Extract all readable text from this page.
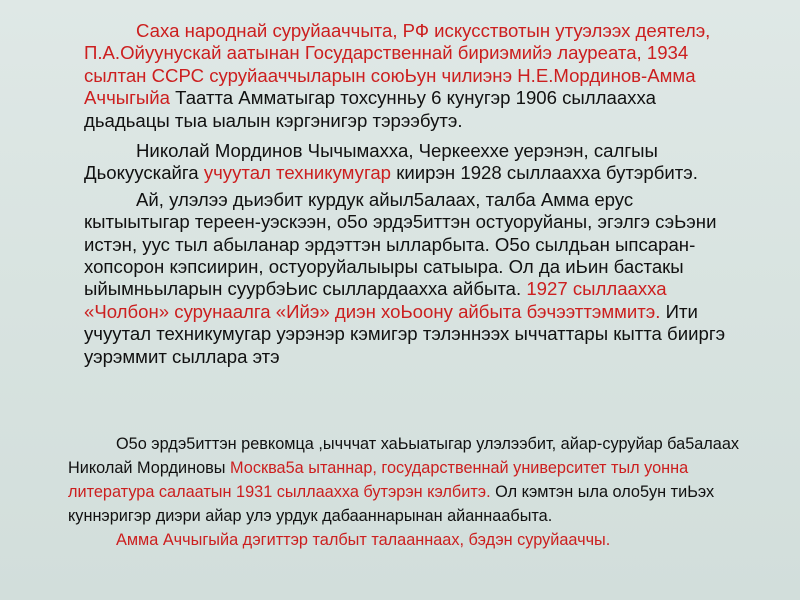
Саха народнай суруйааччыта, РФ искусствотын утуэлээх деятелэ, П.А.Ойуунускай аатынан Государственнай бириэмийэ лауреата, 1934 сылтан ССРС суруйааччыларын союЬун чилиэнэ Н.Е.Мординов-Амма Аччыгыйа Таатта Амматыгар тохсунньу 6 кунугэр 1906 сыллаахха дьадьацы тыа ыалын кэргэнигэр тэрээбутэ.

Николай Мординов Чычымахха, Черкееххе уерэнэн, салгыы Дьокуускайга учуутал техникумугар киирэн 1928 сыллаахха бутэрбитэ.

Ай, улэлээ дьиэбит курдук айыл5алаах, талба Амма ерус кытыытыгар тереен-уэскээн, о5о эрдэ5иттэн остуоруйаны, эгэлгэ сэЬэни истэн, уус тыл абыланар эрдэттэн ылларбыта. О5о сылдьан ыпсаран-хопсорон кэпсиирин, остуоруйалыыры сатыыра. Ол да иЬин бастакы ыйымньыларын суурбэЬис сыллардаахха айбыта. 1927 сыллаахха «Чолбон» сурунаалга «Ийэ» диэн хоЬоону айбыта бэчээттэммитэ. Ити учуутал техникумугар уэрэнэр кэмигэр тэлэннээх ыччаттары кытта бииргэ уэрэммит сыллара этэ

О5о эрдэ5иттэн ревкомца ,ычччат хаЬыатыгар улэлээбит, айар-суруйар ба5алаах Николай Мординовы Москва5а ытаннар, государственнай университет тыл уонна литература салаатын 1931 сыллаахха бутэрэн кэлбитэ. Ол кэмтэн ыла оло5ун тиЬэх куннэригэр диэри айар улэ урдук дабааннарынан айаннаабыта.

Амма Аччыгыйа дэгиттэр талбыт талааннаах, бэдэн суруйааччы.
